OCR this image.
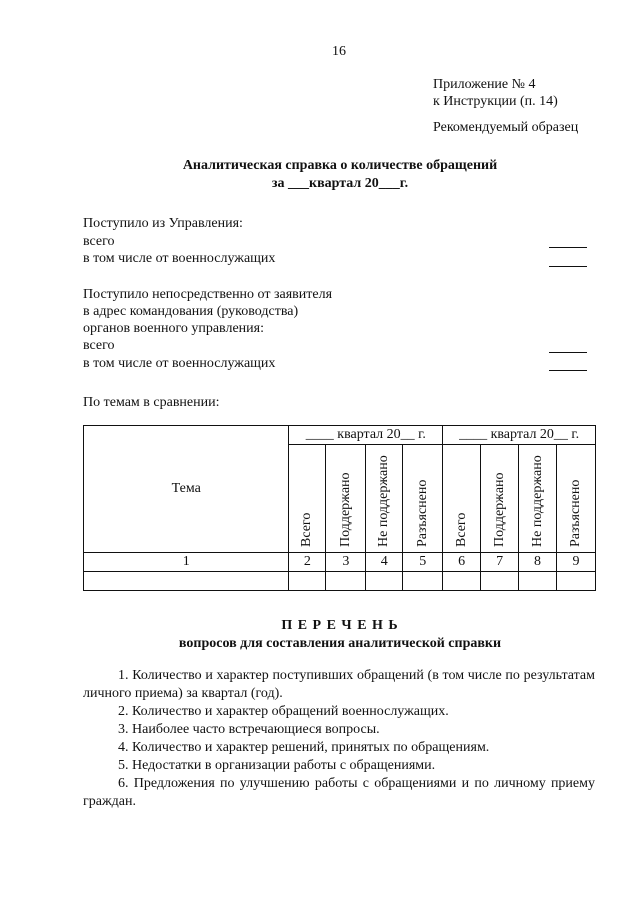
16
Приложение № 4
к Инструкции (п. 14)
Рекомендуемый образец
Аналитическая справка о количестве обращений
за ___квартал 20___г.
Поступило из Управления:
всего
в том числе от военнослужащих
Поступило непосредственно от заявителя
в адрес командования (руководства)
органов военного управления:
всего
в том числе от военнослужащих
По темам в сравнении:
Тема	____ квартал 20__ г.				____ квартал 20__ г.			
	Всего	Поддержано	Не поддержано	Разъяснено	Всего	Поддержано	Не поддержано	Разъяснено
1	2	3	4	5	6	7	8	9

П Е Р Е Ч Е Н Ь
вопросов для составления аналитической справки
1. Количество и характер поступивших обращений (в том числе по результатам личного приема) за квартал (год).
2. Количество и характер обращений военнослужащих.
3. Наиболее часто встречающиеся вопросы.
4. Количество и характер решений, принятых по обращениям.
5. Недостатки в организации работы с обращениями.
6. Предложения по улучшению работы с обращениями и по личному приему граждан.
